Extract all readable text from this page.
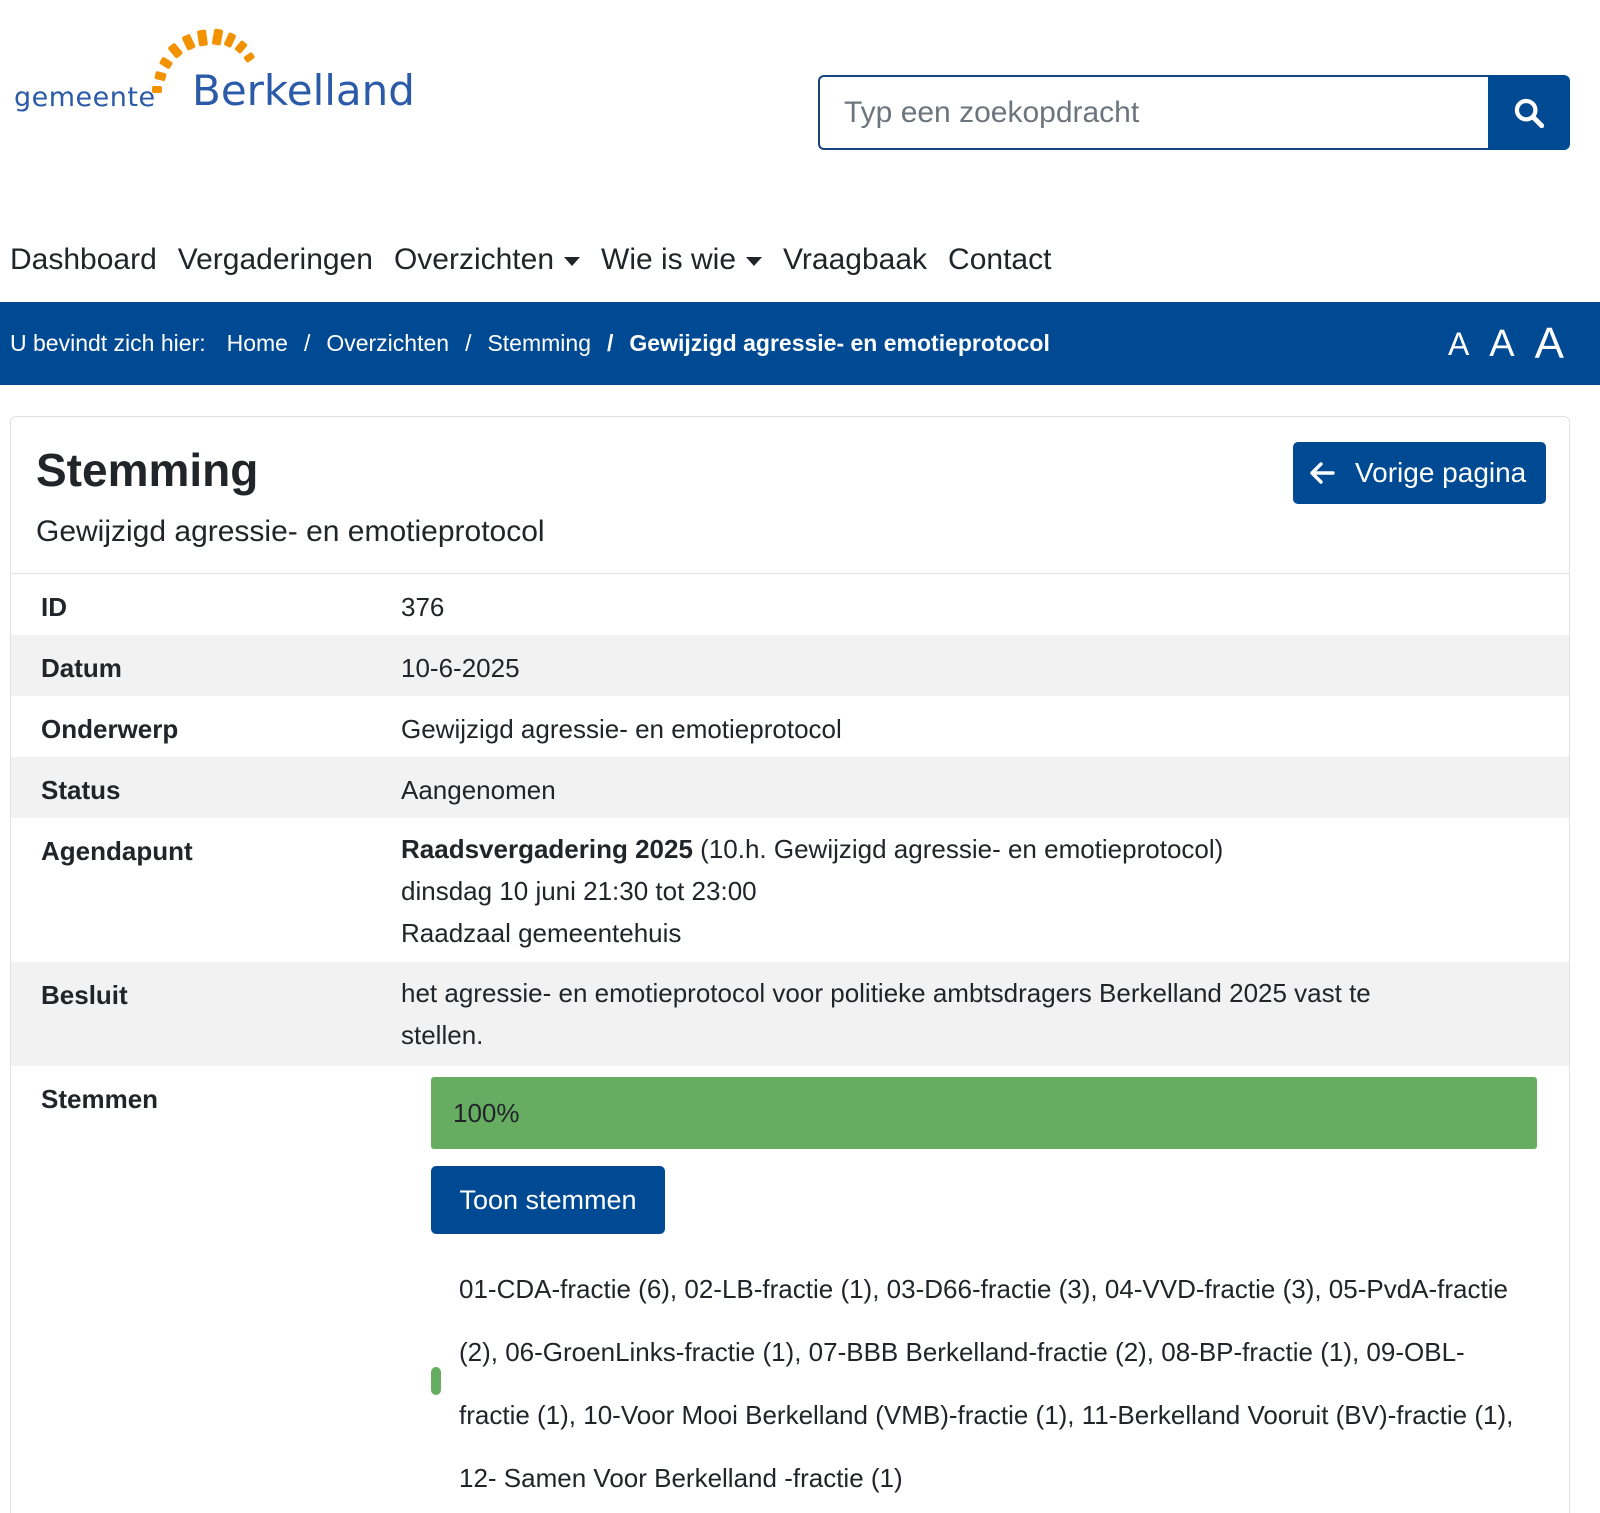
gemeente Berkelland
Typ een zoekopdracht
Dashboard Vergaderingen Overzichten Wie is wie Vraagbaak Contact
U bevindt zich hier: Home / Overzichten / Stemming / Gewijzigd agressie- en emotieprotocol	A A A
Stemming
Gewijzigd agressie- en emotieprotocol
Vorige pagina
ID	376
Datum	10-6-2025
Onderwerp	Gewijzigd agressie- en emotieprotocol
Status	Aangenomen
Agendapunt	Raadsvergadering 2025 (10.h. Gewijzigd agressie- en emotieprotocol)
dinsdag 10 juni 21:30 tot 23:00
Raadzaal gemeentehuis
Besluit	het agressie- en emotieprotocol voor politieke ambtsdragers Berkelland 2025 vast te
stellen.
Stemmen	100%
Toon stemmen
01-CDA-fractie (6), 02-LB-fractie (1), 03-D66-fractie (3), 04-VVD-fractie (3), 05-PvdA-fractie (2), 06-GroenLinks-fractie (1), 07-BBB Berkelland-fractie (2), 08-BP-fractie (1), 09-OBL-fractie (1), 10-Voor Mooi Berkelland (VMB)-fractie (1), 11-Berkelland Vooruit (BV)-fractie (1), 12- Samen Voor Berkelland -fractie (1)
